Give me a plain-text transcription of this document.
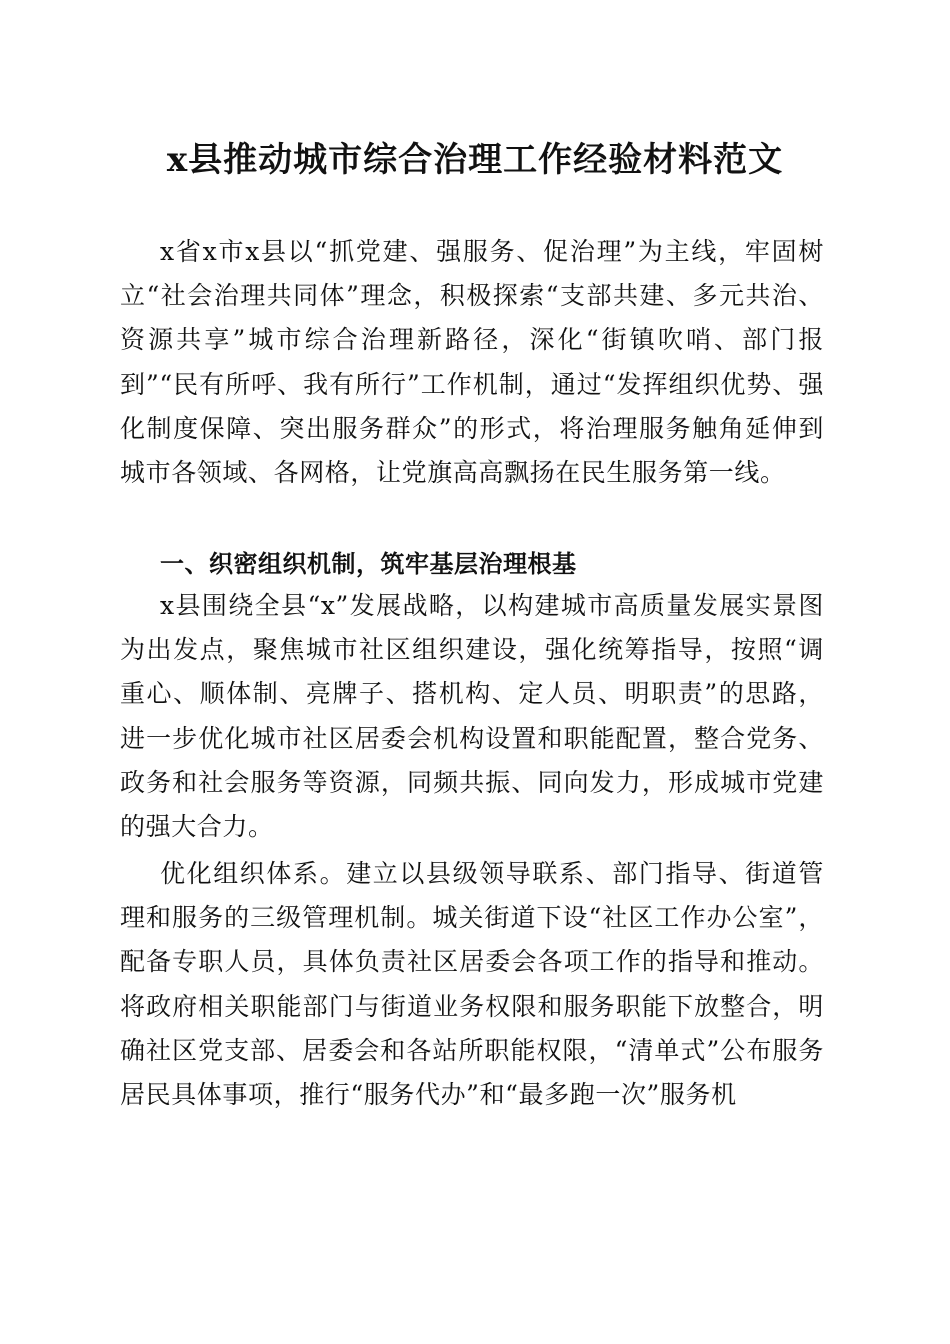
x县推动城市综合治理工作经验材料范文

x省x市x县以“抓党建、强服务、促治理”为主线，牢固树立“社会治理共同体”理念，积极探索“支部共建、多元共治、资源共享”城市综合治理新路径，深化“街镇吹哨、部门报到”“民有所呼、我有所行”工作机制，通过“发挥组织优势、强化制度保障、突出服务群众”的形式，将治理服务触角延伸到城市各领域、各网格，让党旗高高飘扬在民生服务第一线。

一、织密组织机制，筑牢基层治理根基

x县围绕全县“x”发展战略，以构建城市高质量发展实景图为出发点，聚焦城市社区组织建设，强化统筹指导，按照“调重心、顺体制、亮牌子、搭机构、定人员、明职责”的思路，进一步优化城市社区居委会机构设置和职能配置，整合党务、政务和社会服务等资源，同频共振、同向发力，形成城市党建的强大合力。

优化组织体系。建立以县级领导联系、部门指导、街道管理和服务的三级管理机制。城关街道下设“社区工作办公室”，配备专职人员，具体负责社区居委会各项工作的指导和推动。将政府相关职能部门与街道业务权限和服务职能下放整合，明确社区党支部、居委会和各站所职能权限，“清单式”公布服务居民具体事项，推行“服务代办”和“最多跑一次”服务机
